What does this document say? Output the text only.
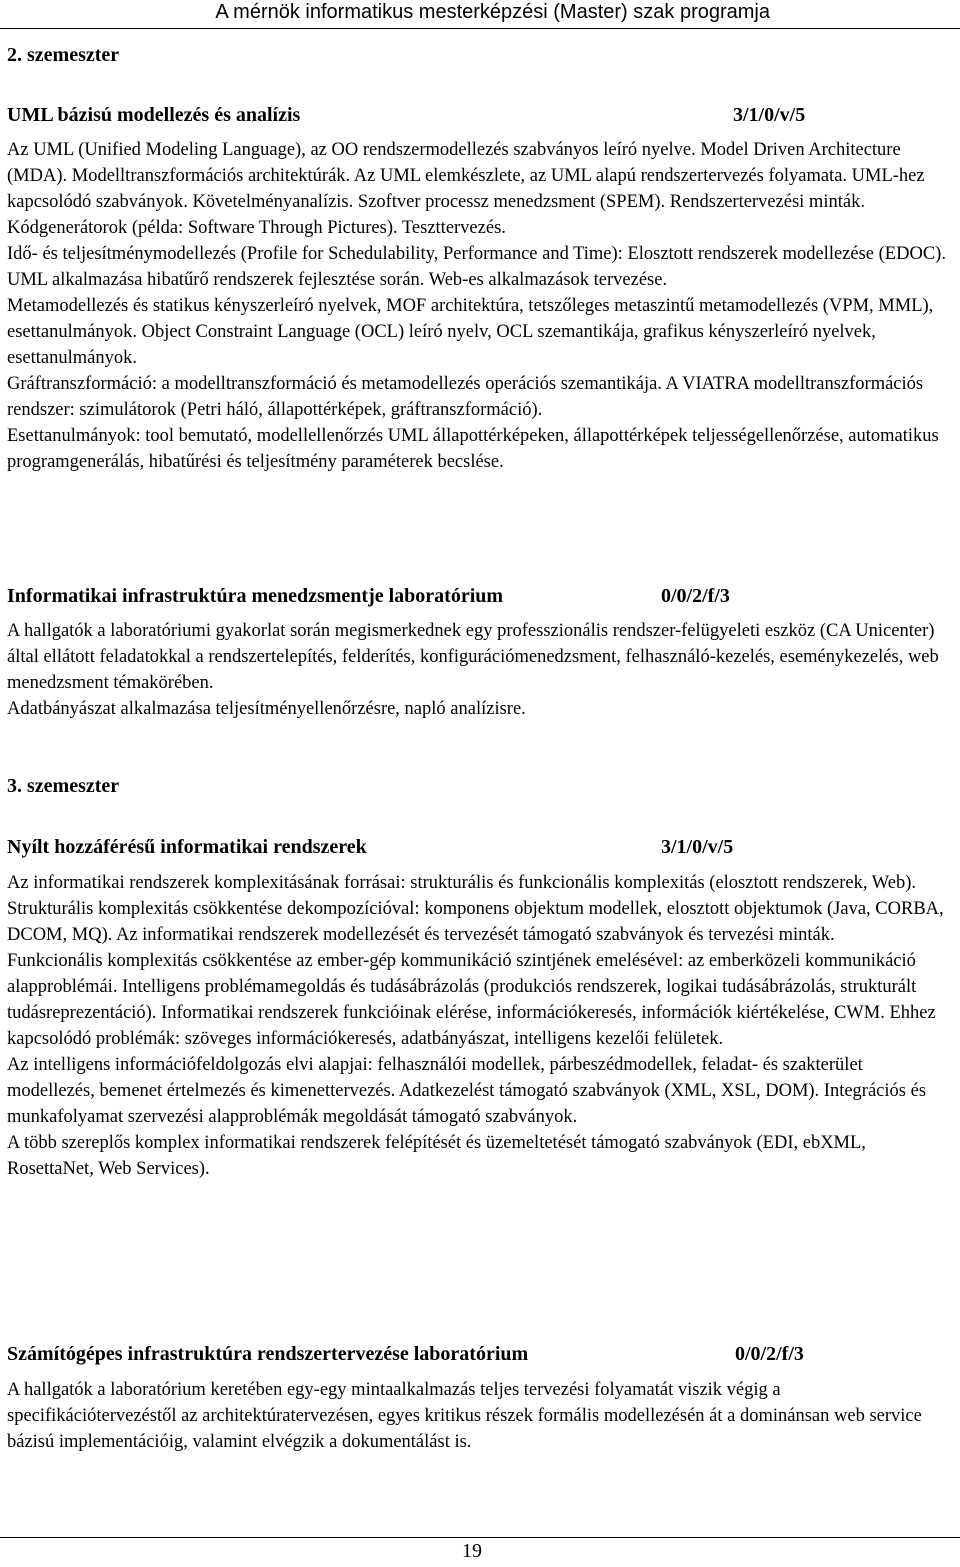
A mérnök informatikus mesterképzési (Master) szak programja
2. szemeszter
UML bázisú modellezés és analízis	3/1/0/v/5

Az UML (Unified Modeling Language), az OO rendszermodellezés szabványos leíró nyelve. Model Driven Architecture (MDA). Modelltranszformációs architektúrák. Az UML elemkészlete, az UML alapú rendszertervezés folyamata. UML-hez kapcsolódó szabványok. Követelményanalízis. Szoftver processz menedzsment (SPEM). Rendszertervezési minták. Kódgenerátorok (példa: Software Through Pictures). Teszttervezés.

Idő- és teljesítménymodellezés (Profile for Schedulability, Performance and Time): Elosztott rendszerek modellezése (EDOC). UML alkalmazása hibatűrő rendszerek fejlesztése során. Web-es alkalmazások tervezése.

Metamodellezés és statikus kényszerleíró nyelvek, MOF architektúra, tetszőleges metaszintű metamodellezés (VPM, MML), esettanulmányok. Object Constraint Language (OCL) leíró nyelv, OCL szemantikája, grafikus kényszerleíró nyelvek, esettanulmányok.

Gráftranszformáció: a modelltranszformáció és metamodellezés operációs szemantikája. A VIATRA modelltranszformációs rendszer: szimulátorok (Petri háló, állapottérképek, gráftranszformáció).

Esettanulmányok: tool bemutató, modellellenőrzés UML állapottérképeken, állapottérképek teljességellenőrzése, automatikus programgenerálás, hibatűrési és teljesítmény paraméterek becslése.

Informatikai infrastruktúra menedzsmentje laboratórium	0/0/2/f/3

A hallgatók a laboratóriumi gyakorlat során megismerkednek egy professzionális rendszer-felügyeleti eszköz (CA Unicenter) által ellátott feladatokkal a rendszertelepítés, felderítés, konfigurációmenedzsment, felhasználó-kezelés, eseménykezelés, web menedzsment témakörében.

Adatbányászat alkalmazása teljesítményellenőrzésre, napló analízisre.

3. szemeszter
Nyílt hozzáférésű informatikai rendszerek	3/1/0/v/5

Az informatikai rendszerek komplexitásának forrásai: strukturális és funkcionális komplexitás (elosztott rendszerek, Web).

Strukturális komplexitás csökkentése dekompozícióval: komponens objektum modellek, elosztott objektumok (Java, CORBA, DCOM, MQ). Az informatikai rendszerek modellezését és tervezését támogató szabványok és tervezési minták.

Funkcionális komplexitás csökkentése az ember-gép kommunikáció szintjének emelésével: az emberközeli kommunikáció alapproblémái. Intelligens problémamegoldás és tudásábrázolás (produkciós rendszerek, logikai tudásábrázolás, strukturált tudásreprezentáció). Informatikai rendszerek funkcióinak elérése, információkeresés, információk kiértékelése, CWM. Ehhez kapcsolódó problémák: szöveges információkeresés, adatbányászat, intelligens kezelői felületek.

Az intelligens információfeldolgozás elvi alapjai: felhasználói modellek, párbeszédmodellek, feladat- és szakterület modellezés, bemenet értelmezés és kimenettervezés. Adatkezelést támogató szabványok (XML, XSL, DOM). Integrációs és munkafolyamat szervezési alapproblémák megoldását támogató szabványok.

A több szereplős komplex informatikai rendszerek felépítését és üzemeltetését támogató szabványok (EDI, ebXML, RosettaNet, Web Services).

Számítógépes infrastruktúra rendszertervezése laboratórium	0/0/2/f/3

A hallgatók a laboratórium keretében egy-egy mintaalkalmazás teljes tervezési folyamatát viszik végig a specifikációtervezéstől az architektúratervezésen, egyes kritikus részek formális modellezésén át a dominánsan web service bázisú implementációig, valamint elvégzik a dokumentálást is.

19
